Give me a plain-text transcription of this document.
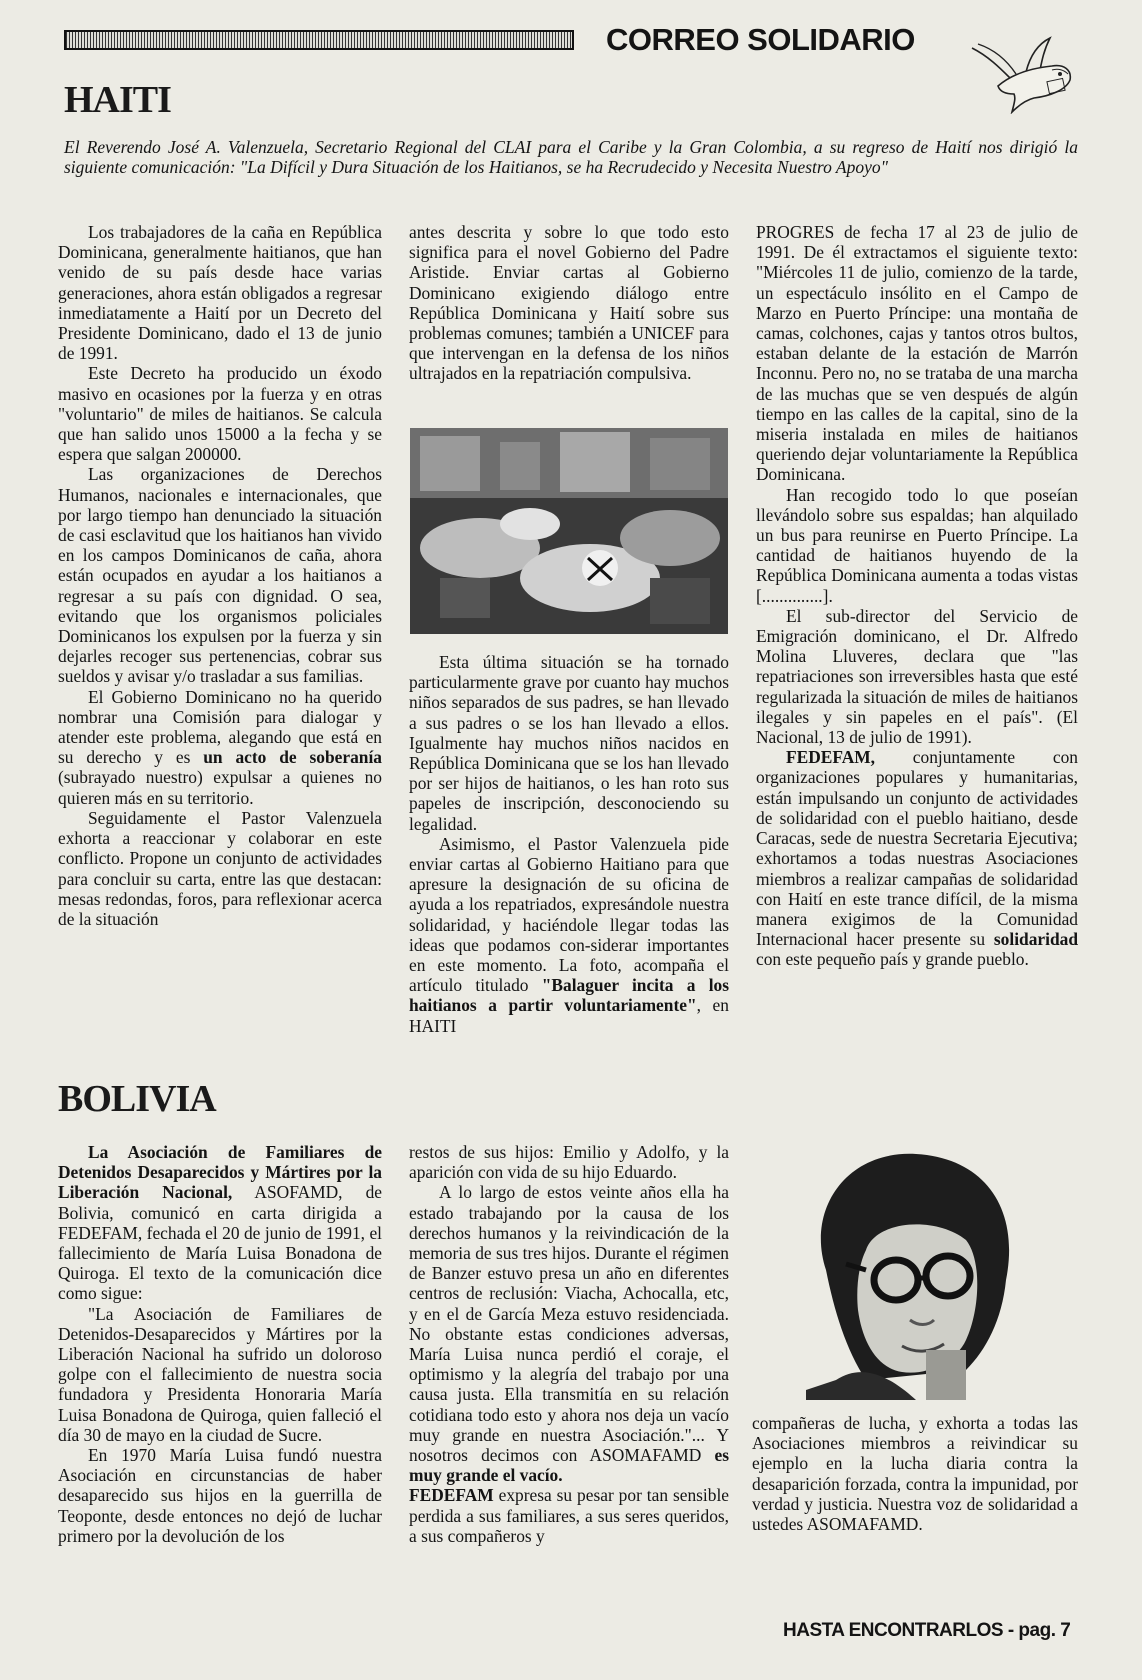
CORREO SOLIDARIO
HAITI
El Reverendo José A. Valenzuela, Secretario Regional del CLAI para el Caribe y la Gran Colombia, a su regreso de Haití nos dirigió la siguiente comunicación: "La Difícil y Dura Situación de los Haitianos, se ha Recrudecido y Necesita Nuestro Apoyo"

Los trabajadores de la caña en República Dominicana, generalmente haitianos, que han venido de su país desde hace varias generaciones, ahora están obligados a regresar inmediatamente a Haití por un Decreto del Presidente Dominicano, dado el 13 de junio de 1991.

Este Decreto ha producido un éxodo masivo en ocasiones por la fuerza y en otras "voluntario" de miles de haitianos. Se calcula que han salido unos 15000 a la fecha y se espera que salgan 200000.

Las organizaciones de Derechos Humanos, nacionales e internacionales, que por largo tiempo han denunciado la situación de casi esclavitud que los haitianos han vivido en los campos Dominicanos de caña, ahora están ocupados en ayudar a los haitianos a regresar a su país con dignidad. O sea, evitando que los organismos policiales Dominicanos los expulsen por la fuerza y sin dejarles recoger sus pertenencias, cobrar sus sueldos y avisar y/o trasladar a sus familias.

El Gobierno Dominicano no ha querido nombrar una Comisión para dialogar y atender este problema, alegando que está en su derecho y es un acto de soberanía (subrayado nuestro) expulsar a quienes no quieren más en su territorio.

Seguidamente el Pastor Valenzuela exhorta a reaccionar y colaborar en este conflicto. Propone un conjunto de actividades para concluir su carta, entre las que destacan: mesas redondas, foros, para reflexionar acerca de la situación

antes descrita y sobre lo que todo esto significa para el novel Gobierno del Padre Aristide. Enviar cartas al Gobierno Dominicano exigiendo diálogo entre República Dominicana y Haití sobre sus problemas comunes; también a UNICEF para que intervengan en la defensa de los niños ultrajados en la repatriación compulsiva.

Esta última situación se ha tornado particularmente grave por cuanto hay muchos niños separados de sus padres, se han llevado a sus padres o se los han llevado a ellos. Igualmente hay muchos niños nacidos en República Dominicana que se los han llevado por ser hijos de haitianos, o les han roto sus papeles de inscripción, desconociendo su legalidad.

Asimismo, el Pastor Valenzuela pide enviar cartas al Gobierno Haitiano para que apresure la designación de su oficina de ayuda a los repatriados, expresándole nuestra solidaridad, y haciéndole llegar todas las ideas que podamos con-siderar importantes en este momento. La foto, acompaña el artículo titulado "Balaguer incita a los haitianos a partir voluntariamente", en HAITI

PROGRES de fecha 17 al 23 de julio de 1991. De él extractamos el siguiente texto: "Miércoles 11 de julio, comienzo de la tarde, un espectáculo insólito en el Campo de Marzo en Puerto Príncipe: una montaña de camas, colchones, cajas y tantos otros bultos, estaban delante de la estación de Marrón Inconnu. Pero no, no se trataba de una marcha de las muchas que se ven después de algún tiempo en las calles de la capital, sino de la miseria instalada en miles de haitianos queriendo dejar voluntariamente la República Dominicana.

Han recogido todo lo que poseían llevándolo sobre sus espaldas; han alquilado un bus para reunirse en Puerto Príncipe. La cantidad de haitianos huyendo de la República Dominicana aumenta a todas vistas [..............].

El sub-director del Servicio de Emigración dominicano, el Dr. Alfredo Molina Lluveres, declara que "las repatriaciones son irreversibles hasta que esté regularizada la situación de miles de haitianos ilegales y sin papeles en el país". (El Nacional, 13 de julio de 1991).

FEDEFAM, conjuntamente con organizaciones populares y humanitarias, están impulsando un conjunto de actividades de solidaridad con el pueblo haitiano, desde Caracas, sede de nuestra Secretaria Ejecutiva; exhortamos a todas nuestras Asociaciones miembros a realizar campañas de solidaridad con Haití en este trance difícil, de la misma manera exigimos de la Comunidad Internacional hacer presente su solidaridad con este pequeño país y grande pueblo.

BOLIVIA

La Asociación de Familiares de Detenidos Desaparecidos y Mártires por la Liberación Nacional, ASOFAMD, de Bolivia, comunicó en carta dirigida a FEDEFAM, fechada el 20 de junio de 1991, el fallecimiento de María Luisa Bonadona de Quiroga. El texto de la comunicación dice como sigue:

"La Asociación de Familiares de Detenidos-Desaparecidos y Mártires por la Liberación Nacional ha sufrido un doloroso golpe con el fallecimiento de nuestra socia fundadora y Presidenta Honoraria María Luisa Bonadona de Quiroga, quien falleció el día 30 de mayo en la ciudad de Sucre.

En 1970 María Luisa fundó nuestra Asociación en circunstancias de haber desaparecido sus hijos en la guerrilla de Teoponte, desde entonces no dejó de luchar primero por la devolución de los

restos de sus hijos: Emilio y Adolfo, y la aparición con vida de su hijo Eduardo.

A lo largo de estos veinte años ella ha estado trabajando por la causa de los derechos humanos y la reivindicación de la memoria de sus tres hijos. Durante el régimen de Banzer estuvo presa un año en diferentes centros de reclusión: Viacha, Achocalla, etc, y en el de García Meza estuvo residenciada. No obstante estas condiciones adversas, María Luisa nunca perdió el coraje, el optimismo y la alegría del trabajo por una causa justa. Ella transmitía en su relación cotidiana todo esto y ahora nos deja un vacío muy grande en nuestra Asociación."... Y nosotros decimos con ASOMAFAMD es muy grande el vacío.

FEDEFAM expresa su pesar por tan sensible perdida a sus familiares, a sus seres queridos, a sus compañeros y

compañeras de lucha, y exhorta a todas las Asociaciones miembros a reivindicar su ejemplo en la lucha diaria contra la desaparición forzada, contra la impunidad, por verdad y justicia. Nuestra voz de solidaridad a ustedes ASOMAFAMD.

HASTA ENCONTRARLOS - pag. 7
